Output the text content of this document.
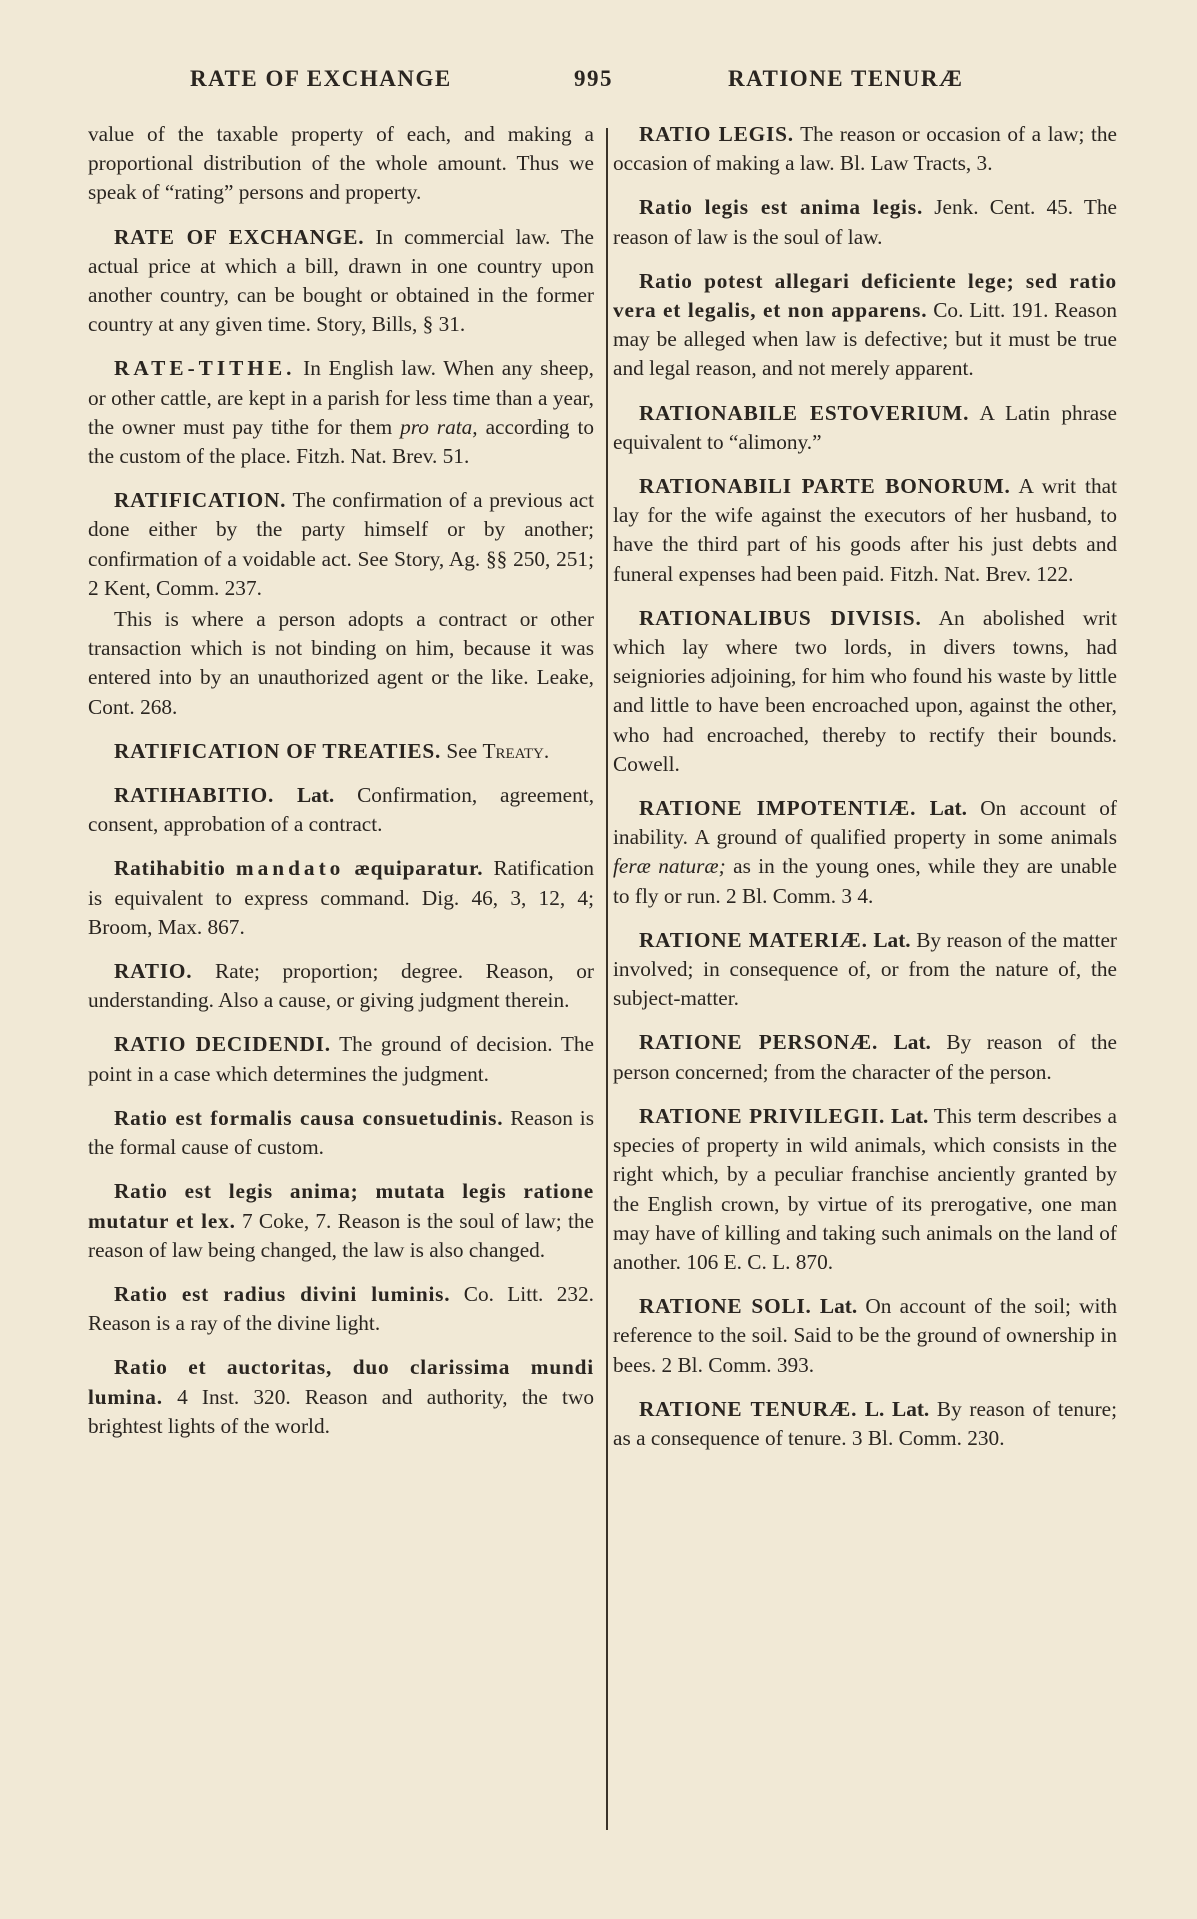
RATE OF EXCHANGE	995	RATIONE TENURÆ

value of the taxable property of each, and making a proportional distribution of the whole amount. Thus we speak of “rating” persons and property.

RATE OF EXCHANGE. In commercial law. The actual price at which a bill, drawn in one country upon another country, can be bought or obtained in the former country at any given time. Story, Bills, § 31.

RATE-TITHE. In English law. When any sheep, or other cattle, are kept in a parish for less time than a year, the owner must pay tithe for them pro rata, according to the custom of the place. Fitzh. Nat. Brev. 51.

RATIFICATION. The confirmation of a previous act done either by the party himself or by another; confirmation of a voidable act. See Story, Ag. §§ 250, 251; 2 Kent, Comm. 237.

This is where a person adopts a contract or other transaction which is not binding on him, because it was entered into by an unauthorized agent or the like. Leake, Cont. 268.

RATIFICATION OF TREATIES. See Treaty.

RATIHABITIO. Lat. Confirmation, agreement, consent, approbation of a contract.

Ratihabitio mandato æquiparatur. Ratification is equivalent to express command. Dig. 46, 3, 12, 4; Broom, Max. 867.

RATIO. Rate; proportion; degree. Reason, or understanding. Also a cause, or giving judgment therein.

RATIO DECIDENDI. The ground of decision. The point in a case which determines the judgment.

Ratio est formalis causa consuetudinis. Reason is the formal cause of custom.

Ratio est legis anima; mutata legis ratione mutatur et lex. 7 Coke, 7. Reason is the soul of law; the reason of law being changed, the law is also changed.

Ratio est radius divini luminis. Co. Litt. 232. Reason is a ray of the divine light.

Ratio et auctoritas, duo clarissima mundi lumina. 4 Inst. 320. Reason and authority, the two brightest lights of the world.

RATIO LEGIS. The reason or occasion of a law; the occasion of making a law. Bl. Law Tracts, 3.

Ratio legis est anima legis. Jenk. Cent. 45. The reason of law is the soul of law.

Ratio potest allegari deficiente lege; sed ratio vera et legalis, et non apparens. Co. Litt. 191. Reason may be alleged when law is defective; but it must be true and legal reason, and not merely apparent.

RATIONABILE ESTOVERIUM. A Latin phrase equivalent to “alimony.”

RATIONABILI PARTE BONORUM. A writ that lay for the wife against the executors of her husband, to have the third part of his goods after his just debts and funeral expenses had been paid. Fitzh. Nat. Brev. 122.

RATIONALIBUS DIVISIS. An abolished writ which lay where two lords, in divers towns, had seigniories adjoining, for him who found his waste by little and little to have been encroached upon, against the other, who had encroached, thereby to rectify their bounds. Cowell.

RATIONE IMPOTENTIÆ. Lat. On account of inability. A ground of qualified property in some animals feræ naturæ; as in the young ones, while they are unable to fly or run. 2 Bl. Comm. 3 4.

RATIONE MATERIÆ. Lat. By reason of the matter involved; in consequence of, or from the nature of, the subject-matter.

RATIONE PERSONÆ. Lat. By reason of the person concerned; from the character of the person.

RATIONE PRIVILEGII. Lat. This term describes a species of property in wild animals, which consists in the right which, by a peculiar franchise anciently granted by the English crown, by virtue of its prerogative, one man may have of killing and taking such animals on the land of another. 106 E. C. L. 870.

RATIONE SOLI. Lat. On account of the soil; with reference to the soil. Said to be the ground of ownership in bees. 2 Bl. Comm. 393.

RATIONE TENURÆ. L. Lat. By reason of tenure; as a consequence of tenure. 3 Bl. Comm. 230.
